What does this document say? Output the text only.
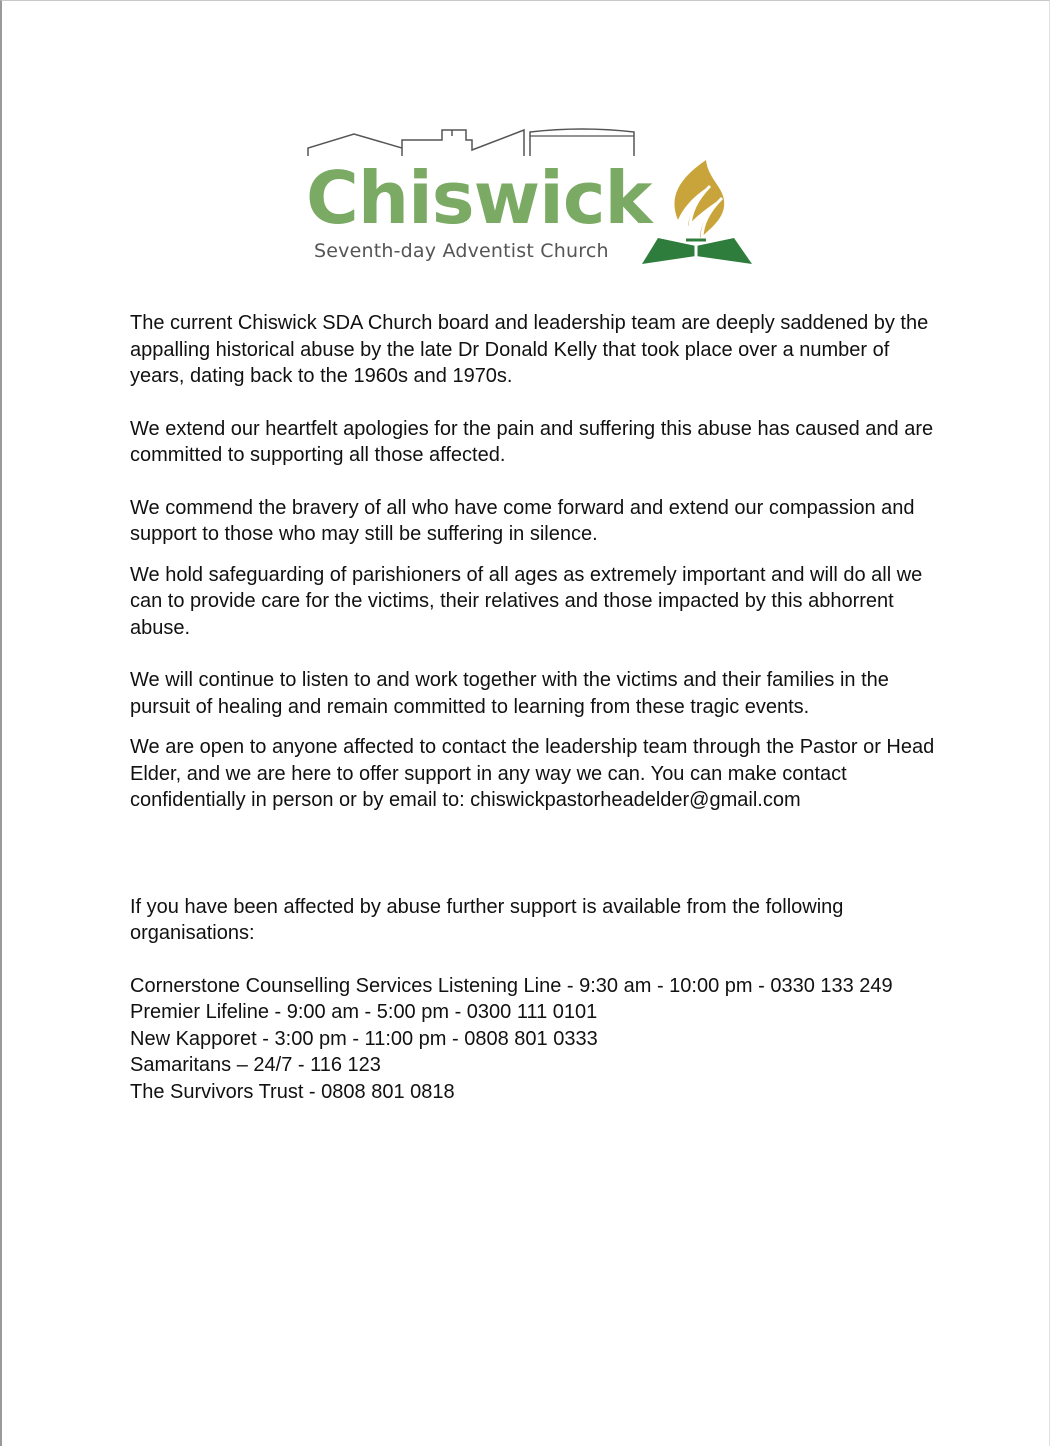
Chiswick
Seventh-day Adventist Church

The current Chiswick SDA Church board and leadership team are deeply saddened by the appalling historical abuse by the late Dr Donald Kelly that took place over a number of years, dating back to the 1960s and 1970s.

We extend our heartfelt apologies for the pain and suffering this abuse has caused and are committed to supporting all those affected.

We commend the bravery of all who have come forward and extend our compassion and support to those who may still be suffering in silence.

We hold safeguarding of parishioners of all ages as extremely important and will do all we can to provide care for the victims, their relatives and those impacted by this abhorrent abuse.

We will continue to listen to and work together with the victims and their families in the pursuit of healing and remain committed to learning from these tragic events.

We are open to anyone affected to contact the leadership team through the Pastor or Head Elder, and we are here to offer support in any way we can. You can make contact confidentially in person or by email to: chiswickpastorheadelder@gmail.com

If you have been affected by abuse further support is available from the following organisations:

Cornerstone Counselling Services Listening Line - 9:30 am - 10:00 pm - 0330 133 249
Premier Lifeline - 9:00 am - 5:00 pm - 0300 111 0101
New Kapporet - 3:00 pm - 11:00 pm - 0808 801 0333
Samaritans – 24/7 - 116 123
The Survivors Trust - 0808 801 0818
